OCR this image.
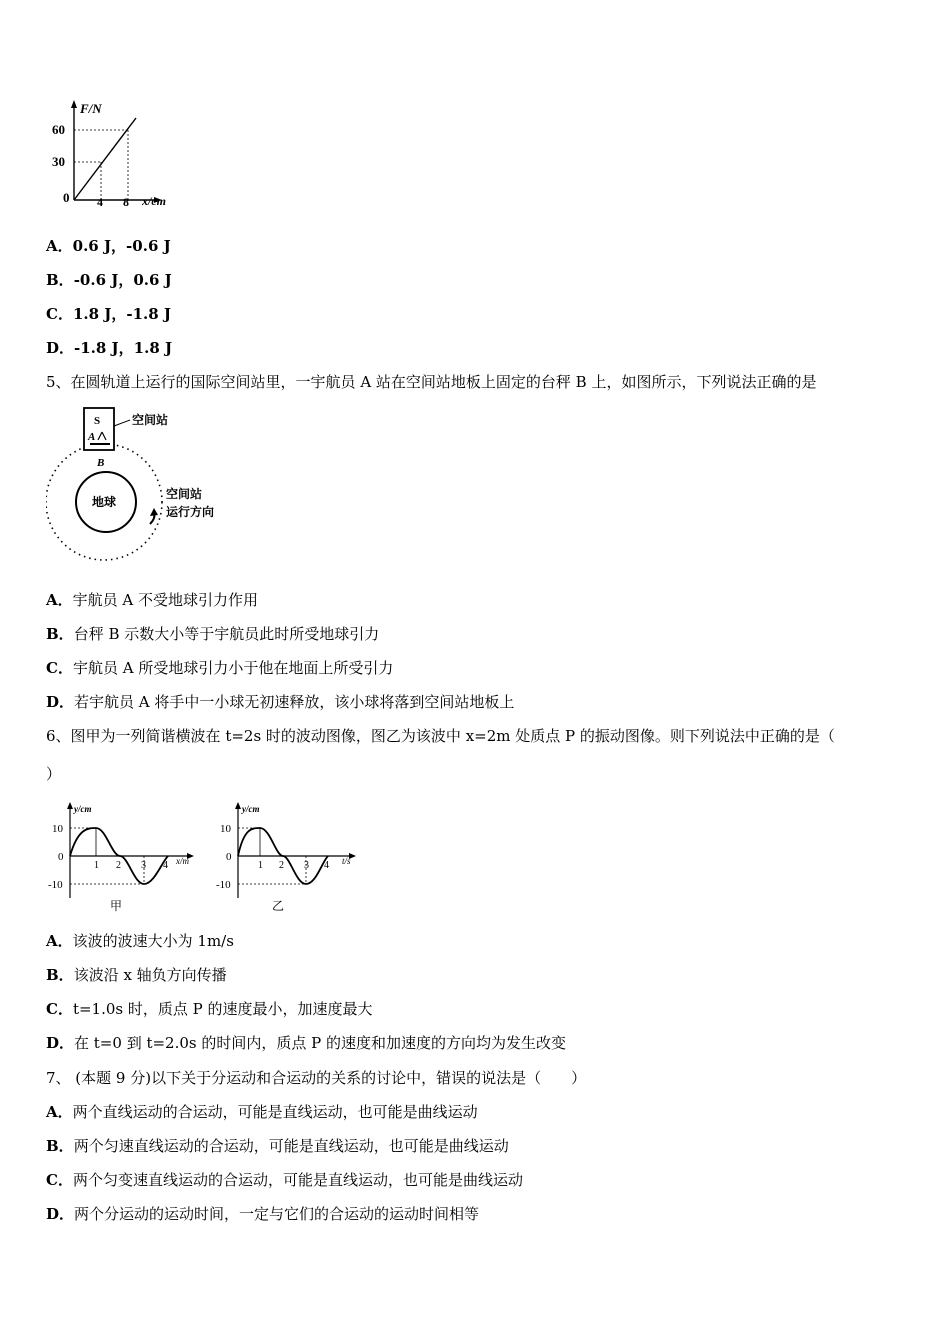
F/N
60
30
0 4 8 x/cm
A．0.6 J，-0.6 J
B．-0.6 J，0.6 J
C．1.8 J，-1.8 J
D．-1.8 J，1.8 J
5、在圆轨道上运行的国际空间站里，一宇航员 A 站在空间站地板上固定的台秤 B 上，如图所示，下列说法正确的是
地球
S
A
B
空间站
空间站
运行方向
A．宇航员 A 不受地球引力作用
B．台秤 B 示数大小等于宇航员此时所受地球引力
C．宇航员 A 所受地球引力小于他在地面上所受引力
D．若宇航员 A 将手中一小球无初速释放，该小球将落到空间站地板上
6、图甲为一列简谐横波在 t=2s 时的波动图像，图乙为该波中 x=2m 处质点 P 的振动图像。则下列说法中正确的是（
）
y/cm
10
0
-10
1 2 3 4 x/m
甲
y/cm
10
0
-10
1 2 3 4 t/s
乙
A．该波的波速大小为 1m/s
B．该波沿 x 轴负方向传播
C．t=1.0s 时，质点 P 的速度最小，加速度最大
D．在 t=0 到 t=2.0s 的时间内，质点 P 的速度和加速度的方向均为发生改变
7、 (本题 9 分)以下关于分运动和合运动的关系的讨论中，错误的说法是（　　）
A．两个直线运动的合运动，可能是直线运动，也可能是曲线运动
B．两个匀速直线运动的合运动，可能是直线运动，也可能是曲线运动
C．两个匀变速直线运动的合运动，可能是直线运动，也可能是曲线运动
D．两个分运动的运动时间，一定与它们的合运动的运动时间相等
